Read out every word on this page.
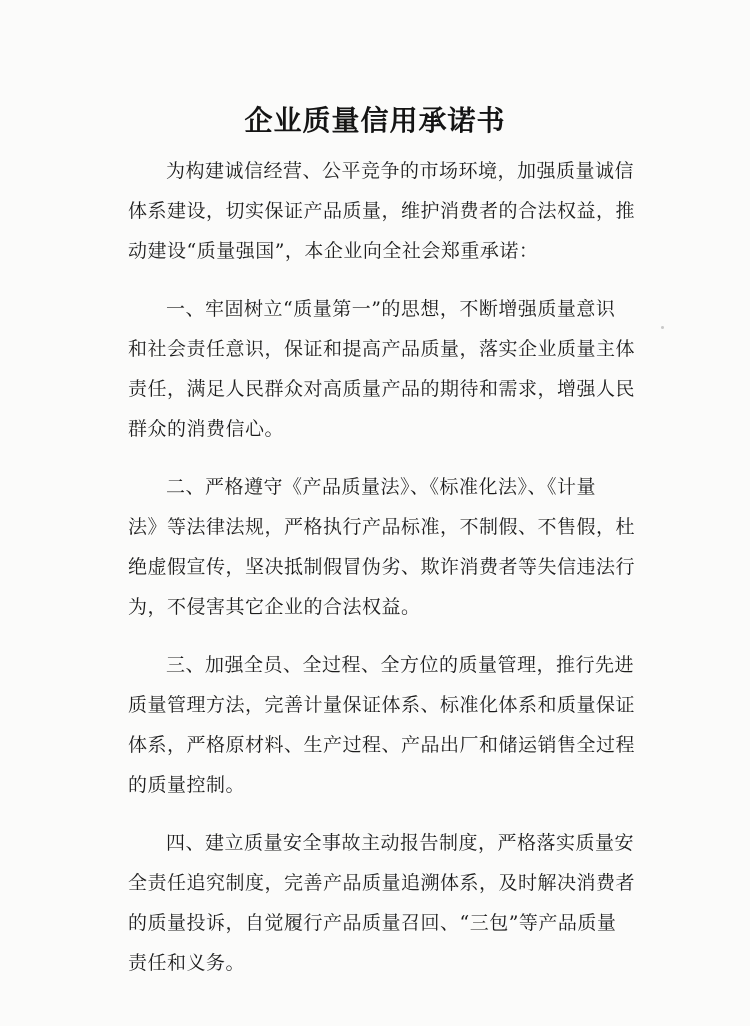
企业质量信用承诺书

为构建诚信经营、公平竞争的市场环境，加强质量诚信
体系建设，切实保证产品质量，维护消费者的合法权益，推
动建设“质量强国”，本企业向全社会郑重承诺：

一、牢固树立“质量第一”的思想，不断增强质量意识
和社会责任意识，保证和提高产品质量，落实企业质量主体
责任，满足人民群众对高质量产品的期待和需求，增强人民
群众的消费信心。

二、严格遵守《产品质量法》、《标准化法》、《计量
法》等法律法规，严格执行产品标准，不制假、不售假，杜
绝虚假宣传，坚决抵制假冒伪劣、欺诈消费者等失信违法行
为，不侵害其它企业的合法权益。

三、加强全员、全过程、全方位的质量管理，推行先进
质量管理方法，完善计量保证体系、标准化体系和质量保证
体系，严格原材料、生产过程、产品出厂和储运销售全过程
的质量控制。

四、建立质量安全事故主动报告制度，严格落实质量安
全责任追究制度，完善产品质量追溯体系，及时解决消费者
的质量投诉，自觉履行产品质量召回、“三包”等产品质量
责任和义务。
